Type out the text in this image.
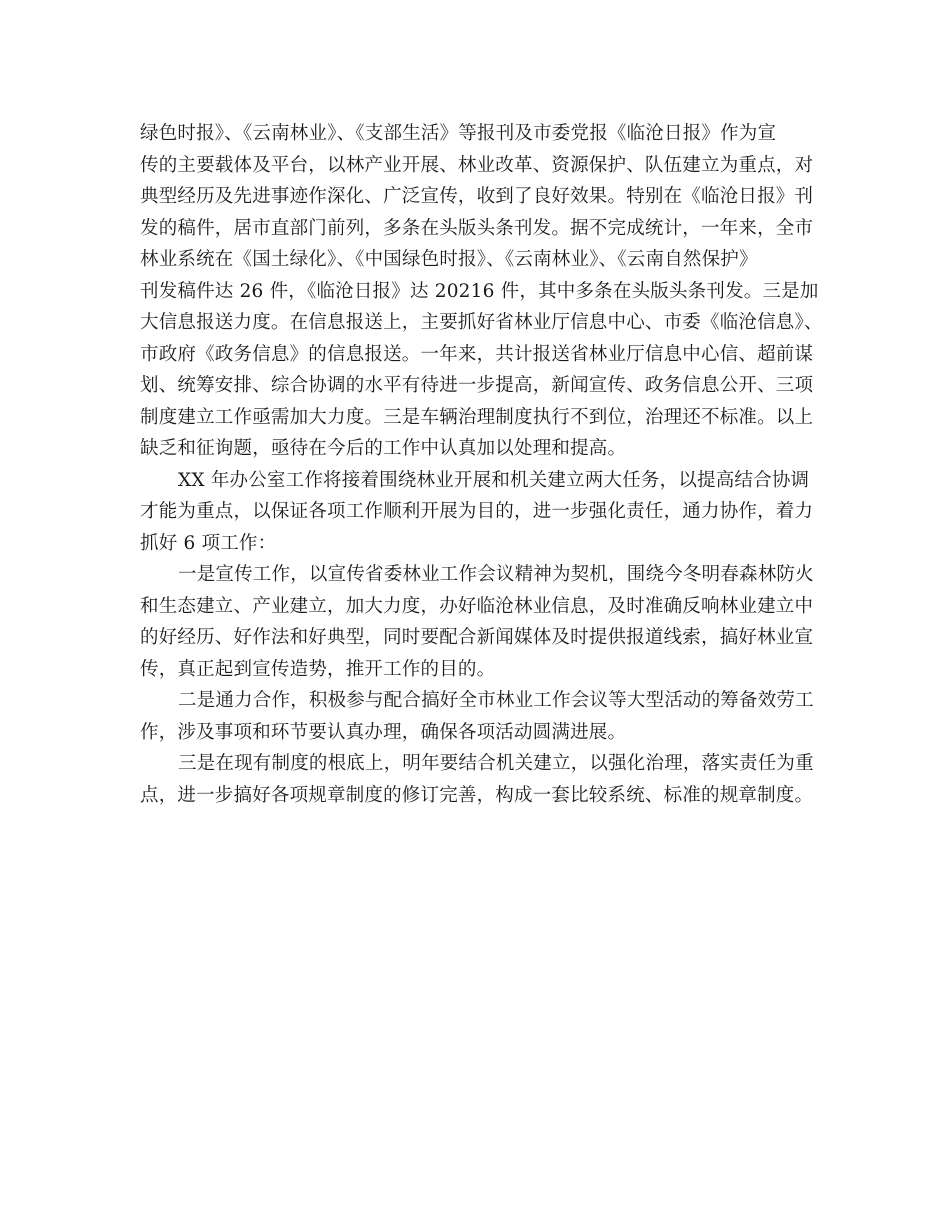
绿色时报》、《云南林业》、《支部生活》等报刊及市委党报《临沧日报》作为宣
传的主要载体及平台，以林产业开展、林业改革、资源保护、队伍建立为重点，对
典型经历及先进事迹作深化、广泛宣传，收到了良好效果。特别在《临沧日报》刊
发的稿件，居市直部门前列，多条在头版头条刊发。据不完成统计，一年来，全市
林业系统在《国土绿化》、《中国绿色时报》、《云南林业》、《云南自然保护》
刊发稿件达 26 件，《临沧日报》达 20216 件，其中多条在头版头条刊发。三是加
大信息报送力度。在信息报送上，主要抓好省林业厅信息中心、市委《临沧信息》、
市政府《政务信息》的信息报送。一年来，共计报送省林业厅信息中心信、超前谋
划、统筹安排、综合协调的水平有待进一步提高，新闻宣传、政务信息公开、三项
制度建立工作亟需加大力度。三是车辆治理制度执行不到位，治理还不标准。以上
缺乏和征询题，亟待在今后的工作中认真加以处理和提高。
XX 年办公室工作将接着围绕林业开展和机关建立两大任务，以提高结合协调
才能为重点，以保证各项工作顺利开展为目的，进一步强化责任，通力协作，着力
抓好 6 项工作：
一是宣传工作，以宣传省委林业工作会议精神为契机，围绕今冬明春森林防火
和生态建立、产业建立，加大力度，办好临沧林业信息，及时准确反响林业建立中
的好经历、好作法和好典型，同时要配合新闻媒体及时提供报道线索，搞好林业宣
传，真正起到宣传造势，推开工作的目的。
二是通力合作，积极参与配合搞好全市林业工作会议等大型活动的筹备效劳工
作，涉及事项和环节要认真办理，确保各项活动圆满进展。
三是在现有制度的根底上，明年要结合机关建立，以强化治理，落实责任为重
点，进一步搞好各项规章制度的修订完善，构成一套比较系统、标准的规章制度。
